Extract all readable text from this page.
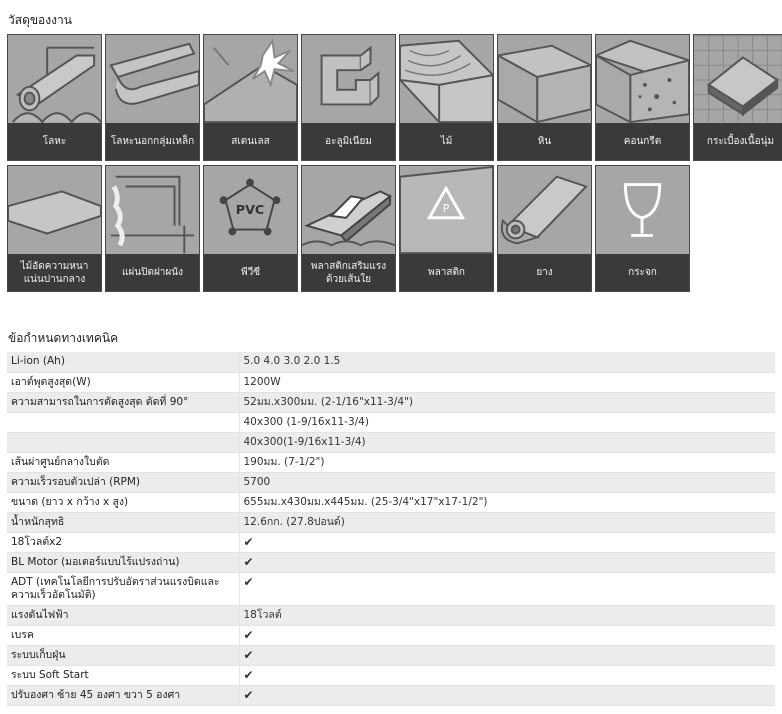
วัสดุของงาน
โลหะ	โลหะนอกกลุ่มเหล็ก	สเตนเลส	อะลูมิเนียม	ไม้	หิน	คอนกรีต	กระเบื้องเนื้อนุ่ม
ไม้อัดความหนาแน่นปานกลาง
แผ่นปิดฝาผนัง
PVC
พีวีซี
พลาสติกเสริมแรงด้วยเส้นใย
P
พลาสติก	ยาง	กระจก
ข้อกำหนดทางเทคนิค
Li-ion (Ah)	5.0 4.0 3.0 2.0 1.5
เอาต์พุตสูงสุด(W)	1200W
ความสามารถในการตัดสูงสุด ตัดที่ 90°	52มม.x300มม. (2-1/16"x11-3/4")
	40x300 (1-9/16x11-3/4)
	40x300(1-9/16x11-3/4)
เส้นผ่าศูนย์กลางใบตัด	190มม. (7-1/2")
ความเร็วรอบตัวเปล่า (RPM)	5700
ขนาด (ยาว x กว้าง x สูง)	655มม.x430มม.x445มม. (25-3/4"x17"x17-1/2")
น้ำหนักสุทธิ	12.6กก. (27.8ปอนด์)
18โวลต์x2	✔
BL Motor (มอเตอร์แบบไร้แปรงถ่าน)	✔
ADT (เทคโนโลยีการปรับอัตราส่วนแรงบิดและความเร็วอัตโนมัติ)	✔
แรงดันไฟฟ้า	18โวลต์
เบรค	✔
ระบบเก็บฝุ่น	✔
ระบบ Soft Start	✔
ปรับองศา ซ้าย 45 องศา ขวา 5 องศา	✔
